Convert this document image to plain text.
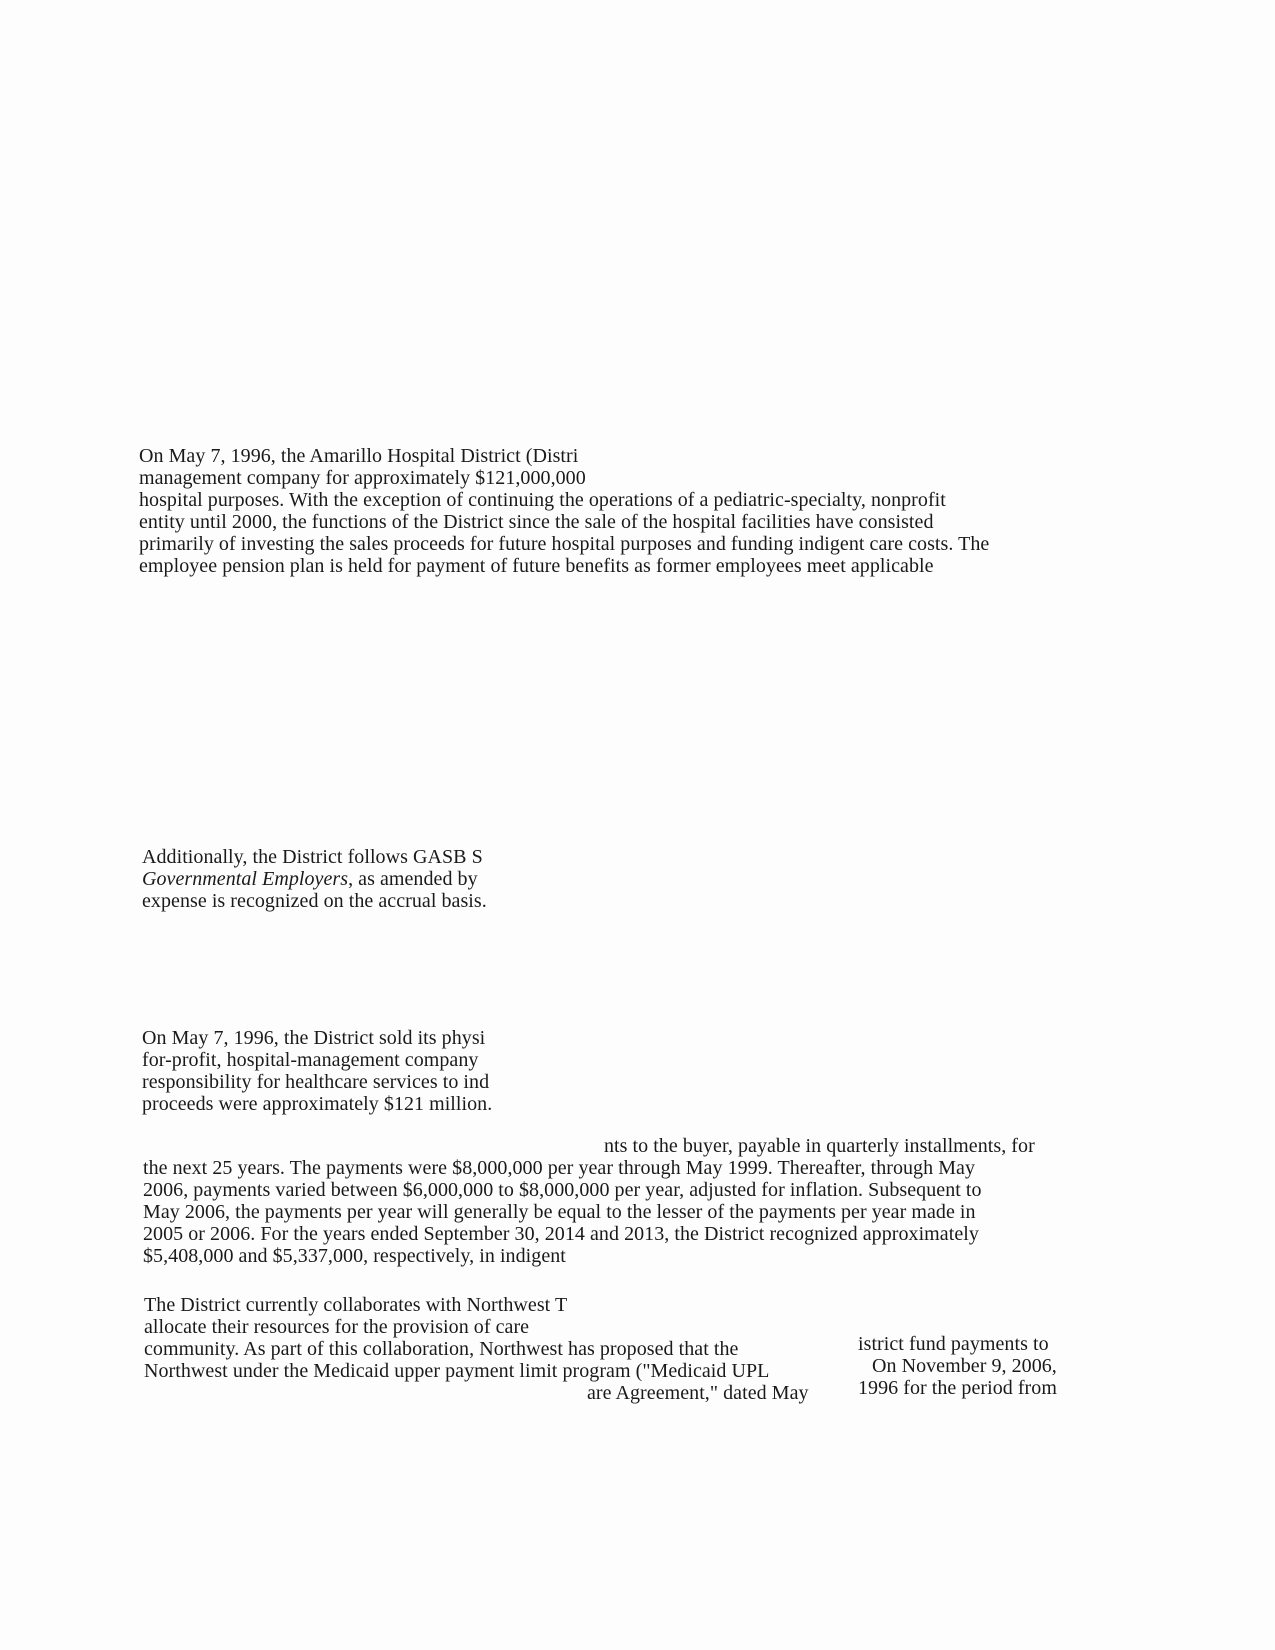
On May 7, 1996, the Amarillo Hospital District (Distri
management company for approximately $121,000,000
hospital purposes. With the exception of continuing the operations of a pediatric-specialty, nonprofit
entity until 2000, the functions of the District since the sale of the hospital facilities have consisted
primarily of investing the sales proceeds for future hospital purposes and funding indigent care costs. The
employee pension plan is held for payment of future benefits as former employees meet applicable
Additionally, the District follows GASB S
Governmental Employers, as amended by
expense is recognized on the accrual basis.
On May 7, 1996, the District sold its physi
for-profit, hospital-management company
responsibility for healthcare services to ind
proceeds were approximately $121 million.
nts to the buyer, payable in quarterly installments, for
the next 25 years. The payments were $8,000,000 per year through May 1999. Thereafter, through May
2006, payments varied between $6,000,000 to $8,000,000 per year, adjusted for inflation. Subsequent to
May 2006, the payments per year will generally be equal to the lesser of the payments per year made in
2005 or 2006. For the years ended September 30, 2014 and 2013, the District recognized approximately
$5,408,000 and $5,337,000, respectively, in indigent
The District currently collaborates with Northwest T
allocate their resources for the provision of care
community. As part of this collaboration, Northwest has proposed that the	istrict fund payments to
Northwest under the Medicaid upper payment limit program ("Medicaid UPL	On November 9, 2006,
are Agreement," dated May 1996 for the period from
